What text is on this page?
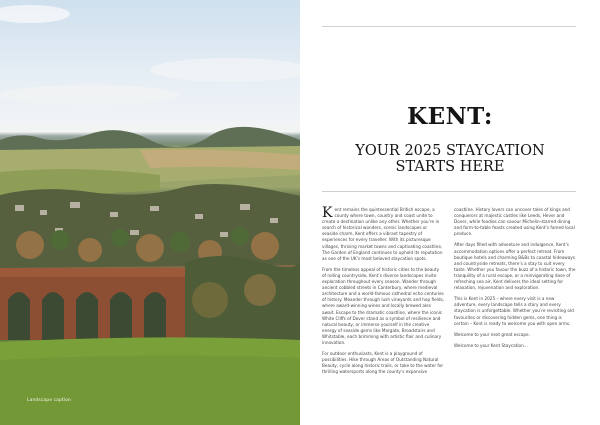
Landscape caption
KENT:
YOUR 2025 STAYCATION
STARTS HERE

Kent remains the quintessential British escape, a county where town, country and coast unite to create a destination unlike any other. Whether you’re in search of historical wonders, scenic landscapes or seaside charm, Kent offers a vibrant tapestry of experiences for every traveller. With its picturesque villages, thriving market towns and captivating coastline, The Garden of England continues to uphold its reputation as one of the UK’s most beloved staycation spots.

From the timeless appeal of historic cities to the beauty of rolling countryside, Kent’s diverse landscapes invite exploration throughout every season. Wander through ancient cobbled streets in Canterbury, where medieval architecture and a world-famous cathedral echo centuries of history. Meander through lush vineyards and hop fields, where award-winning wines and locally brewed ales await. Escape to the dramatic coastline, where the iconic White Cliffs of Dover stand as a symbol of resilience and natural beauty, or immerse yourself in the creative energy of seaside gems like Margate, Broadstairs and Whitstable, each brimming with artistic flair and culinary innovation.

For outdoor enthusiasts, Kent is a playground of possibilities. Hike through Areas of Outstanding Natural Beauty, cycle along historic trails, or take to the water for thrilling watersports along the county’s expansive

coastline. History lovers can uncover tales of kings and conquerors at majestic castles like Leeds, Hever and Dover, while foodies can savour Michelin-starred dining and farm-to-table feasts created using Kent’s famed local produce.

After days filled with adventure and indulgence, Kent’s accommodation options offer a perfect retreat. From boutique hotels and charming B&Bs to coastal hideaways and countryside retreats, there’s a stay to suit every taste. Whether you favour the buzz of a historic town, the tranquility of a rural escape, or a reinvigorating dose of refreshing sea air, Kent delivers the ideal setting for relaxation, rejuvenation and exploration.

This is Kent in 2025 – where every visit is a new adventure, every landscape tells a story and every staycation is unforgettable. Whether you’re revisiting old favourites or discovering hidden gems, one thing is certain – Kent is ready to welcome you with open arms.

Welcome to your next great escape.

Welcome to your Kent Staycation…
